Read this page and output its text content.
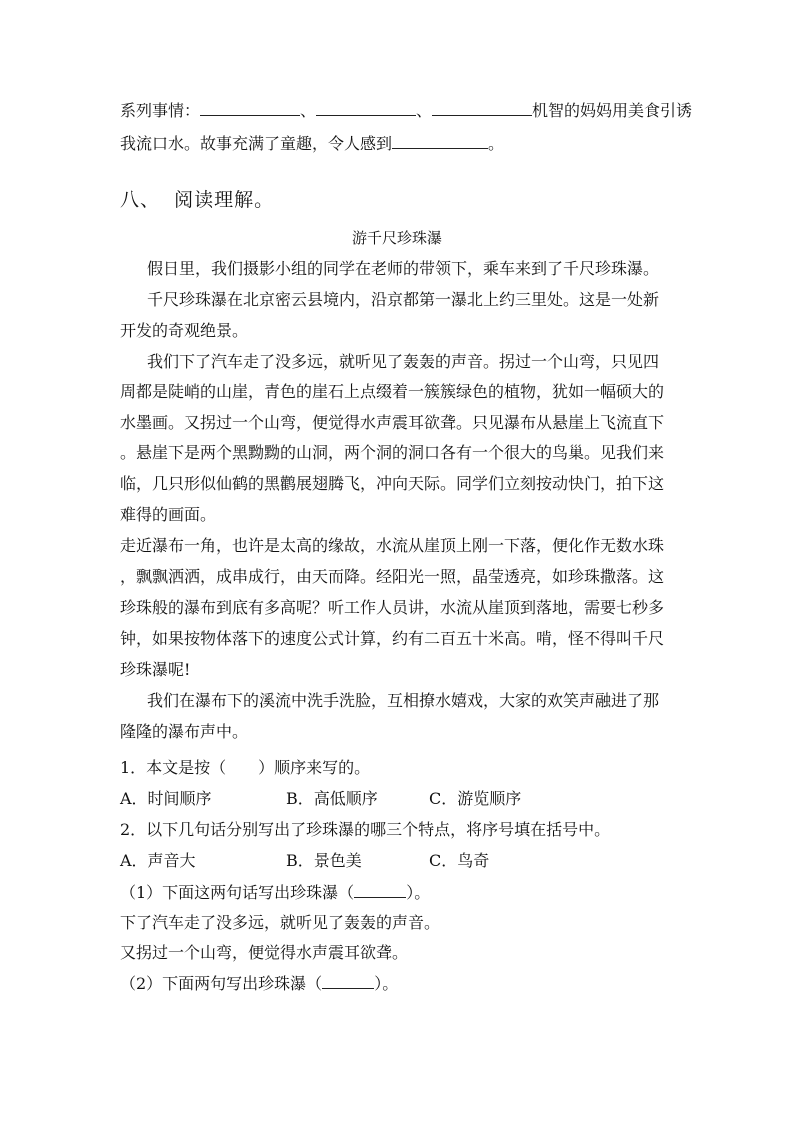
系列事情：	、	、	机智的妈妈用美食引诱
我流口水。故事充满了童趣，令人感到	。
八、 阅读理解。
游千尺珍珠瀑
假日里，我们摄影小组的同学在老师的带领下，乘车来到了千尺珍珠瀑。
千尺珍珠瀑在北京密云县境内，沿京都第一瀑北上约三里处。这是一处新
开发的奇观绝景。
我们下了汽车走了没多远，就听见了轰轰的声音。拐过一个山弯，只见四
周都是陡峭的山崖，青色的崖石上点缀着一簇簇绿色的植物，犹如一幅硕大的
水墨画。又拐过一个山弯，便觉得水声震耳欲聋。只见瀑布从悬崖上飞流直下
。悬崖下是两个黑黝黝的山洞，两个洞的洞口各有一个很大的鸟巢。见我们来
临，几只形似仙鹤的黑鹳展翅腾飞，冲向天际。同学们立刻按动快门，拍下这
难得的画面。
走近瀑布一角，也许是太高的缘故，水流从崖顶上刚一下落，便化作无数水珠
，飘飘洒洒，成串成行，由天而降。经阳光一照，晶莹透亮，如珍珠撒落。这
珍珠般的瀑布到底有多高呢？听工作人员讲，水流从崖顶到落地，需要七秒多
钟，如果按物体落下的速度公式计算，约有二百五十米高。啃，怪不得叫千尺
珍珠瀑呢!
我们在瀑布下的溪流中洗手洗脸，互相撩水嬉戏，大家的欢笑声融进了那
隆隆的瀑布声中。
1．本文是按（　　）顺序来写的。
A．时间顺序	B．高低顺序	C．游览顺序
2．以下几句话分别写出了珍珠瀑的哪三个特点，将序号填在括号中。
A．声音大	B．景色美	C．鸟奇
（1）下面这两句话写出珍珠瀑（	）。
下了汽车走了没多远，就听见了轰轰的声音。
又拐过一个山弯，便觉得水声震耳欲聋。
（2）下面两句写出珍珠瀑（	）。
